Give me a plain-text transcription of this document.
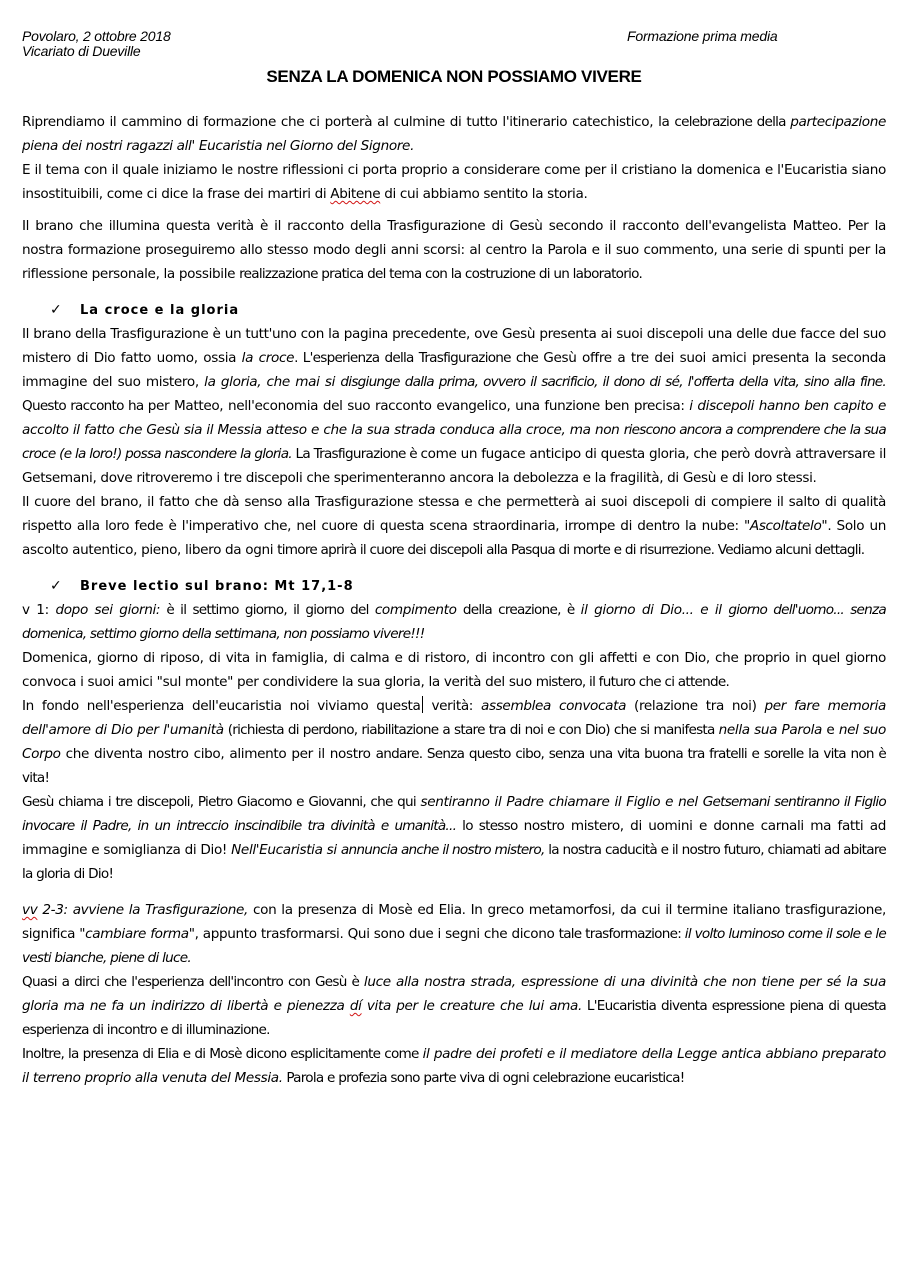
Povolaro, 2 ottobre 2018
Vicariato di Dueville
Formazione prima media
SENZA LA DOMENICA NON POSSIAMO VIVERE

Riprendiamo il cammino di formazione che ci porterà al culmine di tutto l'itinerario catechistico, la celebrazione della partecipazione piena dei nostri ragazzi all' Eucaristia nel Giorno del Signore.

E il tema con il quale iniziamo le nostre riflessioni ci porta proprio a considerare come per il cristiano la domenica e l'Eucaristia siano insostituibili, come ci dice la frase dei martiri di Abitene di cui abbiamo sentito la storia.

Il brano che illumina questa verità è il racconto della Trasfigurazione di Gesù secondo il racconto dell'evangelista Matteo. Per la nostra formazione proseguiremo allo stesso modo degli anni scorsi: al centro la Parola e il suo commento, una serie di spunti per la riflessione personale, la possibile realizzazione pratica del tema con la costruzione di un laboratorio.

✓ La croce e la gloria

Il brano della Trasfigurazione è un tutt'uno con la pagina precedente, ove Gesù presenta ai suoi discepoli una delle due facce del suo mistero di Dio fatto uomo, ossia la croce. L'esperienza della Trasfigurazione che Gesù offre a tre dei suoi amici presenta la seconda immagine del suo mistero, la gloria, che mai si disgiunge dalla prima, ovvero il sacrificio, il dono di sé, l'offerta della vita, sino alla fine. Questo racconto ha per Matteo, nell'economia del suo racconto evangelico, una funzione ben precisa: i discepoli hanno ben capito e accolto il fatto che Gesù sia il Messia atteso e che la sua strada conduca alla croce, ma non riescono ancora a comprendere che la sua croce (e la loro!) possa nascondere la gloria. La Trasfigurazione è come un fugace anticipo di questa gloria, che però dovrà attraversare il Getsemani, dove ritroveremo i tre discepoli che sperimenteranno ancora la debolezza e la fragilità, di Gesù e di loro stessi.

Il cuore del brano, il fatto che dà senso alla Trasfigurazione stessa e che permetterà ai suoi discepoli di compiere il salto di qualità rispetto alla loro fede è l'imperativo che, nel cuore di questa scena straordinaria, irrompe di dentro la nube: "Ascoltatelo". Solo un ascolto autentico, pieno, libero da ogni timore aprirà il cuore dei discepoli alla Pasqua di morte e di risurrezione. Vediamo alcuni dettagli.

✓ Breve lectio sul brano: Mt 17,1-8

v 1: dopo sei giorni: è il settimo giorno, il giorno del compimento della creazione, è il giorno di Dio... e il giorno dell'uomo... senza domenica, settimo giorno della settimana, non possiamo vivere!!!

Domenica, giorno di riposo, di vita in famiglia, di calma e di ristoro, di incontro con gli affetti e con Dio, che proprio in quel giorno convoca i suoi amici "sul monte" per condividere la sua gloria, la verità del suo mistero, il futuro che ci attende.

In fondo nell'esperienza dell'eucaristia noi viviamo questa verità: assemblea convocata (relazione tra noi) per fare memoria dell'amore di Dio per l'umanità (richiesta di perdono, riabilitazione a stare tra di noi e con Dio) che si manifesta nella sua Parola e nel suo Corpo che diventa nostro cibo, alimento per il nostro andare. Senza questo cibo, senza una vita buona tra fratelli e sorelle la vita non è vita!

Gesù chiama i tre discepoli, Pietro Giacomo e Giovanni, che qui sentiranno il Padre chiamare il Figlio e nel Getsemani sentiranno il Figlio invocare il Padre, in un intreccio inscindibile tra divinità e umanità... lo stesso nostro mistero, di uomini e donne carnali ma fatti ad immagine e somiglianza di Dio! Nell'Eucaristia si annuncia anche il nostro mistero, la nostra caducità e il nostro futuro, chiamati ad abitare la gloria di Dio!

vv 2-3: avviene la Trasfigurazione, con la presenza di Mosè ed Elia. In greco metamorfosi, da cui il termine italiano trasfigurazione, significa "cambiare forma", appunto trasformarsi. Qui sono due i segni che dicono tale trasformazione: il volto luminoso come il sole e le vesti bianche, piene di luce.

Quasi a dirci che l'esperienza dell'incontro con Gesù è luce alla nostra strada, espressione di una divinità che non tiene per sé la sua gloria ma ne fa un indirizzo di libertà e pienezza dí vita per le creature che lui ama. L'Eucaristia diventa espressione piena di questa esperienza di incontro e di illuminazione.

Inoltre, la presenza di Elia e di Mosè dicono esplicitamente come il padre dei profeti e il mediatore della Legge antica abbiano preparato il terreno proprio alla venuta del Messia. Parola e profezia sono parte viva di ogni celebrazione eucaristica!
